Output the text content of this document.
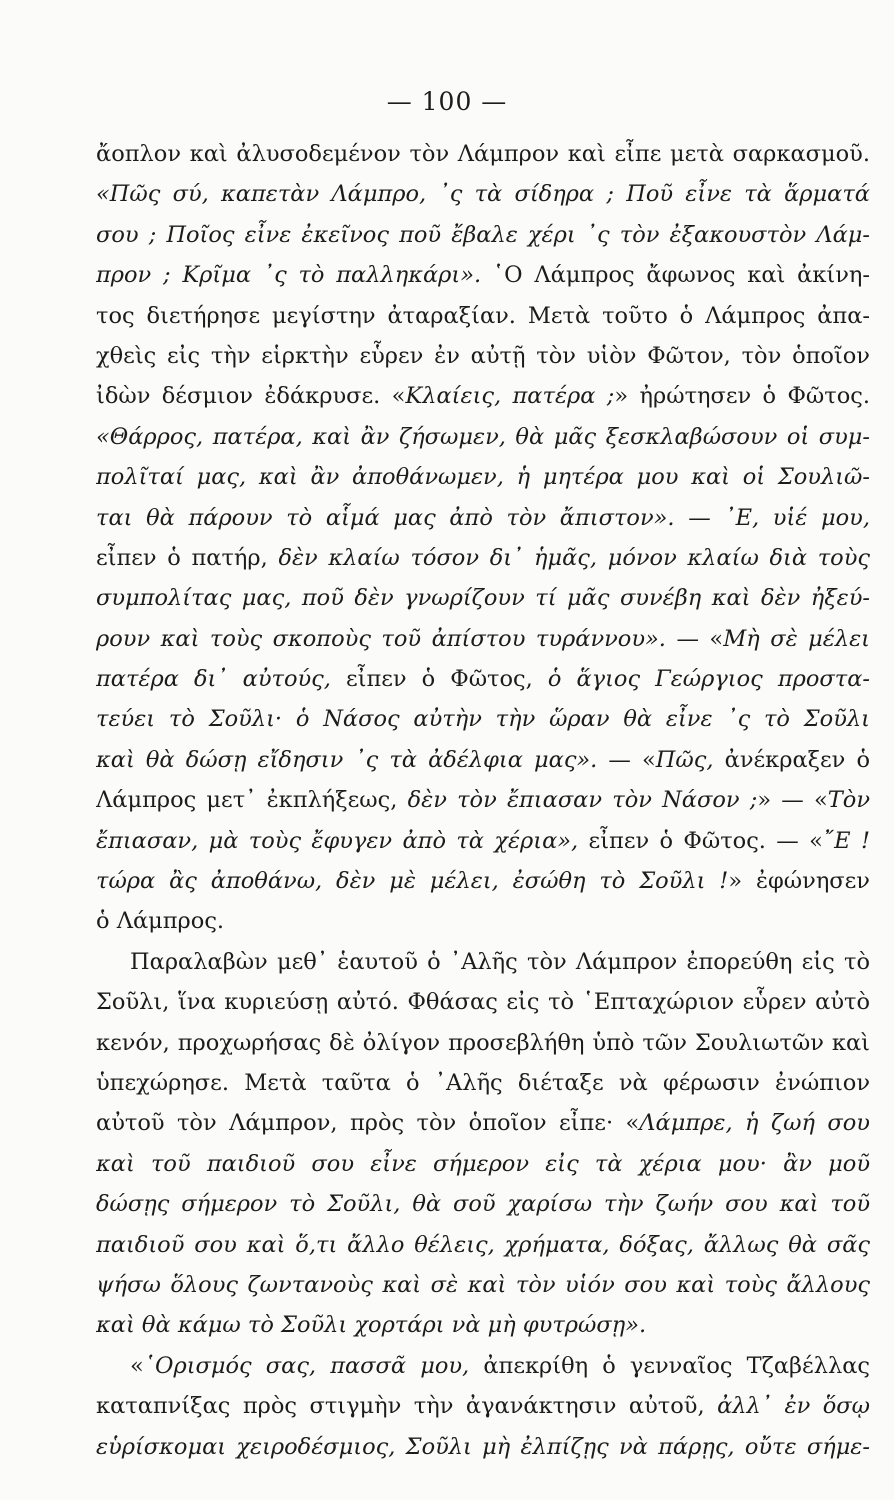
— 100 —
ἄοπλον καὶ ἀλυσοδεμένον τὸν Λάμπρον καὶ εἶπε μετὰ σαρκασμοῦ.
«Πῶς σύ, καπετὰν Λάμπρο, ᾿ς τὰ σίδηρα ; Ποῦ εἶνε τὰ ἅρματά
σου ; Ποῖος εἶνε ἐκεῖνος ποῦ ἔβαλε χέρι ᾿ς τὸν ἐξακουστὸν Λάμ-
προν ; Κρῖμα ᾿ς τὸ παλληκάρι». ῾Ο Λάμπρος ἄφωνος καὶ ἀκίνη-
τος διετήρησε μεγίστην ἀταραξίαν. Μετὰ τοῦτο ὁ Λάμπρος ἀπα-
χθεὶς εἰς τὴν εἱρκτὴν εὗρεν ἐν αὐτῇ τὸν υἱὸν Φῶτον, τὸν ὁποῖον
ἰδὼν δέσμιον ἐδάκρυσε. «Κλαίεις, πατέρα ;» ἠρώτησεν ὁ Φῶτος.
«Θάρρος, πατέρα, καὶ ἂν ζήσωμεν, θὰ μᾶς ξεσκλαβώσουν οἱ συμ-
πολῖταί μας, καὶ ἂν ἀποθάνωμεν, ἡ μητέρα μου καὶ οἱ Σουλιῶ-
ται θὰ πάρουν τὸ αἷμά μας ἀπὸ τὸν ἄπιστον». — ᾿Ε, υἱέ μου,
εἶπεν ὁ πατήρ, δὲν κλαίω τόσον δι᾿ ἡμᾶς, μόνον κλαίω διὰ τοὺς
συμπολίτας μας, ποῦ δὲν γνωρίζουν τί μᾶς συνέβη καὶ δὲν ἠξεύ-
ρουν καὶ τοὺς σκοποὺς τοῦ ἀπίστου τυράννου». — «Μὴ σὲ μέλει
πατέρα δι᾿ αὐτούς, εἶπεν ὁ Φῶτος, ὁ ἅγιος Γεώργιος προστα-
τεύει τὸ Σοῦλι· ὁ Νάσος αὐτὴν τὴν ὥραν θὰ εἶνε ᾿ς τὸ Σοῦλι
καὶ θὰ δώσῃ εἴδησιν ᾿ς τὰ ἀδέλφια μας». — «Πῶς, ἀνέκραξεν ὁ
Λάμπρος μετ᾿ ἐκπλήξεως, δὲν τὸν ἔπιασαν τὸν Νάσον ;» — «Τὸν
ἔπιασαν, μὰ τοὺς ἔφυγεν ἀπὸ τὰ χέρια», εἶπεν ὁ Φῶτος. — «῎Ε !
τώρα ἂς ἀποθάνω, δὲν μὲ μέλει, ἐσώθη τὸ Σοῦλι !» ἐφώνησεν
ὁ Λάμπρος.
Παραλαβὼν μεθ᾿ ἑαυτοῦ ὁ ᾿Αλῆς τὸν Λάμπρον ἐπορεύθη εἰς τὸ
Σοῦλι, ἵνα κυριεύσῃ αὐτό. Φθάσας εἰς τὸ ῾Επταχώριον εὗρεν αὐτὸ
κενόν, προχωρήσας δὲ ὀλίγον προσεβλήθη ὑπὸ τῶν Σουλιωτῶν καὶ
ὑπεχώρησε. Μετὰ ταῦτα ὁ ᾿Αλῆς διέταξε νὰ φέρωσιν ἐνώπιον
αὐτοῦ τὸν Λάμπρον, πρὸς τὸν ὁποῖον εἶπε· «Λάμπρε, ἡ ζωή σου
καὶ τοῦ παιδιοῦ σου εἶνε σήμερον εἰς τὰ χέρια μου· ἂν μοῦ
δώσῃς σήμερον τὸ Σοῦλι, θὰ σοῦ χαρίσω τὴν ζωήν σου καὶ τοῦ
παιδιοῦ σου καὶ ὅ,τι ἄλλο θέλεις, χρήματα, δόξας, ἄλλως θὰ σᾶς
ψήσω ὅλους ζωντανοὺς καὶ σὲ καὶ τὸν υἱόν σου καὶ τοὺς ἄλλους
καὶ θὰ κάμω τὸ Σοῦλι χορτάρι νὰ μὴ φυτρώσῃ».
«῾Ορισμός σας, πασσᾶ μου, ἀπεκρίθη ὁ γενναῖος Τζαβέλλας
καταπνίξας πρὸς στιγμὴν τὴν ἀγανάκτησιν αὐτοῦ, ἀλλ᾿ ἐν ὅσῳ
εὑρίσκομαι χειροδέσμιος, Σοῦλι μὴ ἐλπίζῃς νὰ πάρῃς, οὔτε σήμε-
